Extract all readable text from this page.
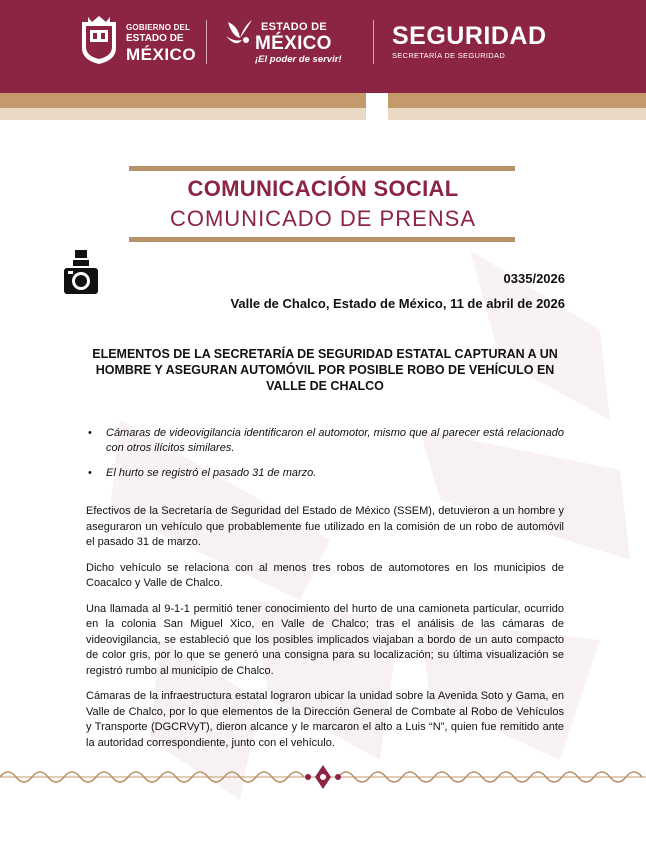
GOBIERNO DEL
ESTADO DE
MÉXICO
ESTADO DE
MÉXICO
¡El poder de servir!
SEGURIDAD
SECRETARÍA DE SEGURIDAD
COMUNICACIÓN SOCIAL
COMUNICADO DE PRENSA
0335/2026
Valle de Chalco, Estado de México, 11 de abril de 2026
ELEMENTOS DE LA SECRETARÍA DE SEGURIDAD ESTATAL CAPTURAN A UN HOMBRE Y ASEGURAN AUTOMÓVIL POR POSIBLE ROBO DE VEHÍCULO EN VALLE DE CHALCO
• Cámaras de videovigilancia identificaron el automotor, mismo que al parecer está relacionado con otros ilícitos similares.
• El hurto se registró el pasado 31 de marzo.

Efectivos de la Secretaría de Seguridad del Estado de México (SSEM), detuvieron a un hombre y aseguraron un vehículo que probablemente fue utilizado en la comisión de un robo de automóvil el pasado 31 de marzo.

Dicho vehículo se relaciona con al menos tres robos de automotores en los municipios de Coacalco y Valle de Chalco.

Una llamada al 9-1-1 permitió tener conocimiento del hurto de una camioneta particular, ocurrido en la colonia San Miguel Xico, en Valle de Chalco; tras el análisis de las cámaras de videovigilancia, se estableció que los posibles implicados viajaban a bordo de un auto compacto de color gris, por lo que se generó una consigna para su localización; su última visualización se registró rumbo al municipio de Chalco.

Cámaras de la infraestructura estatal lograron ubicar la unidad sobre la Avenida Soto y Gama, en Valle de Chalco, por lo que elementos de la Dirección General de Combate al Robo de Vehículos y Transporte (DGCRVyT), dieron alcance y le marcaron el alto a Luis “N”, quien fue remitido ante la autoridad correspondiente, junto con el vehículo.
